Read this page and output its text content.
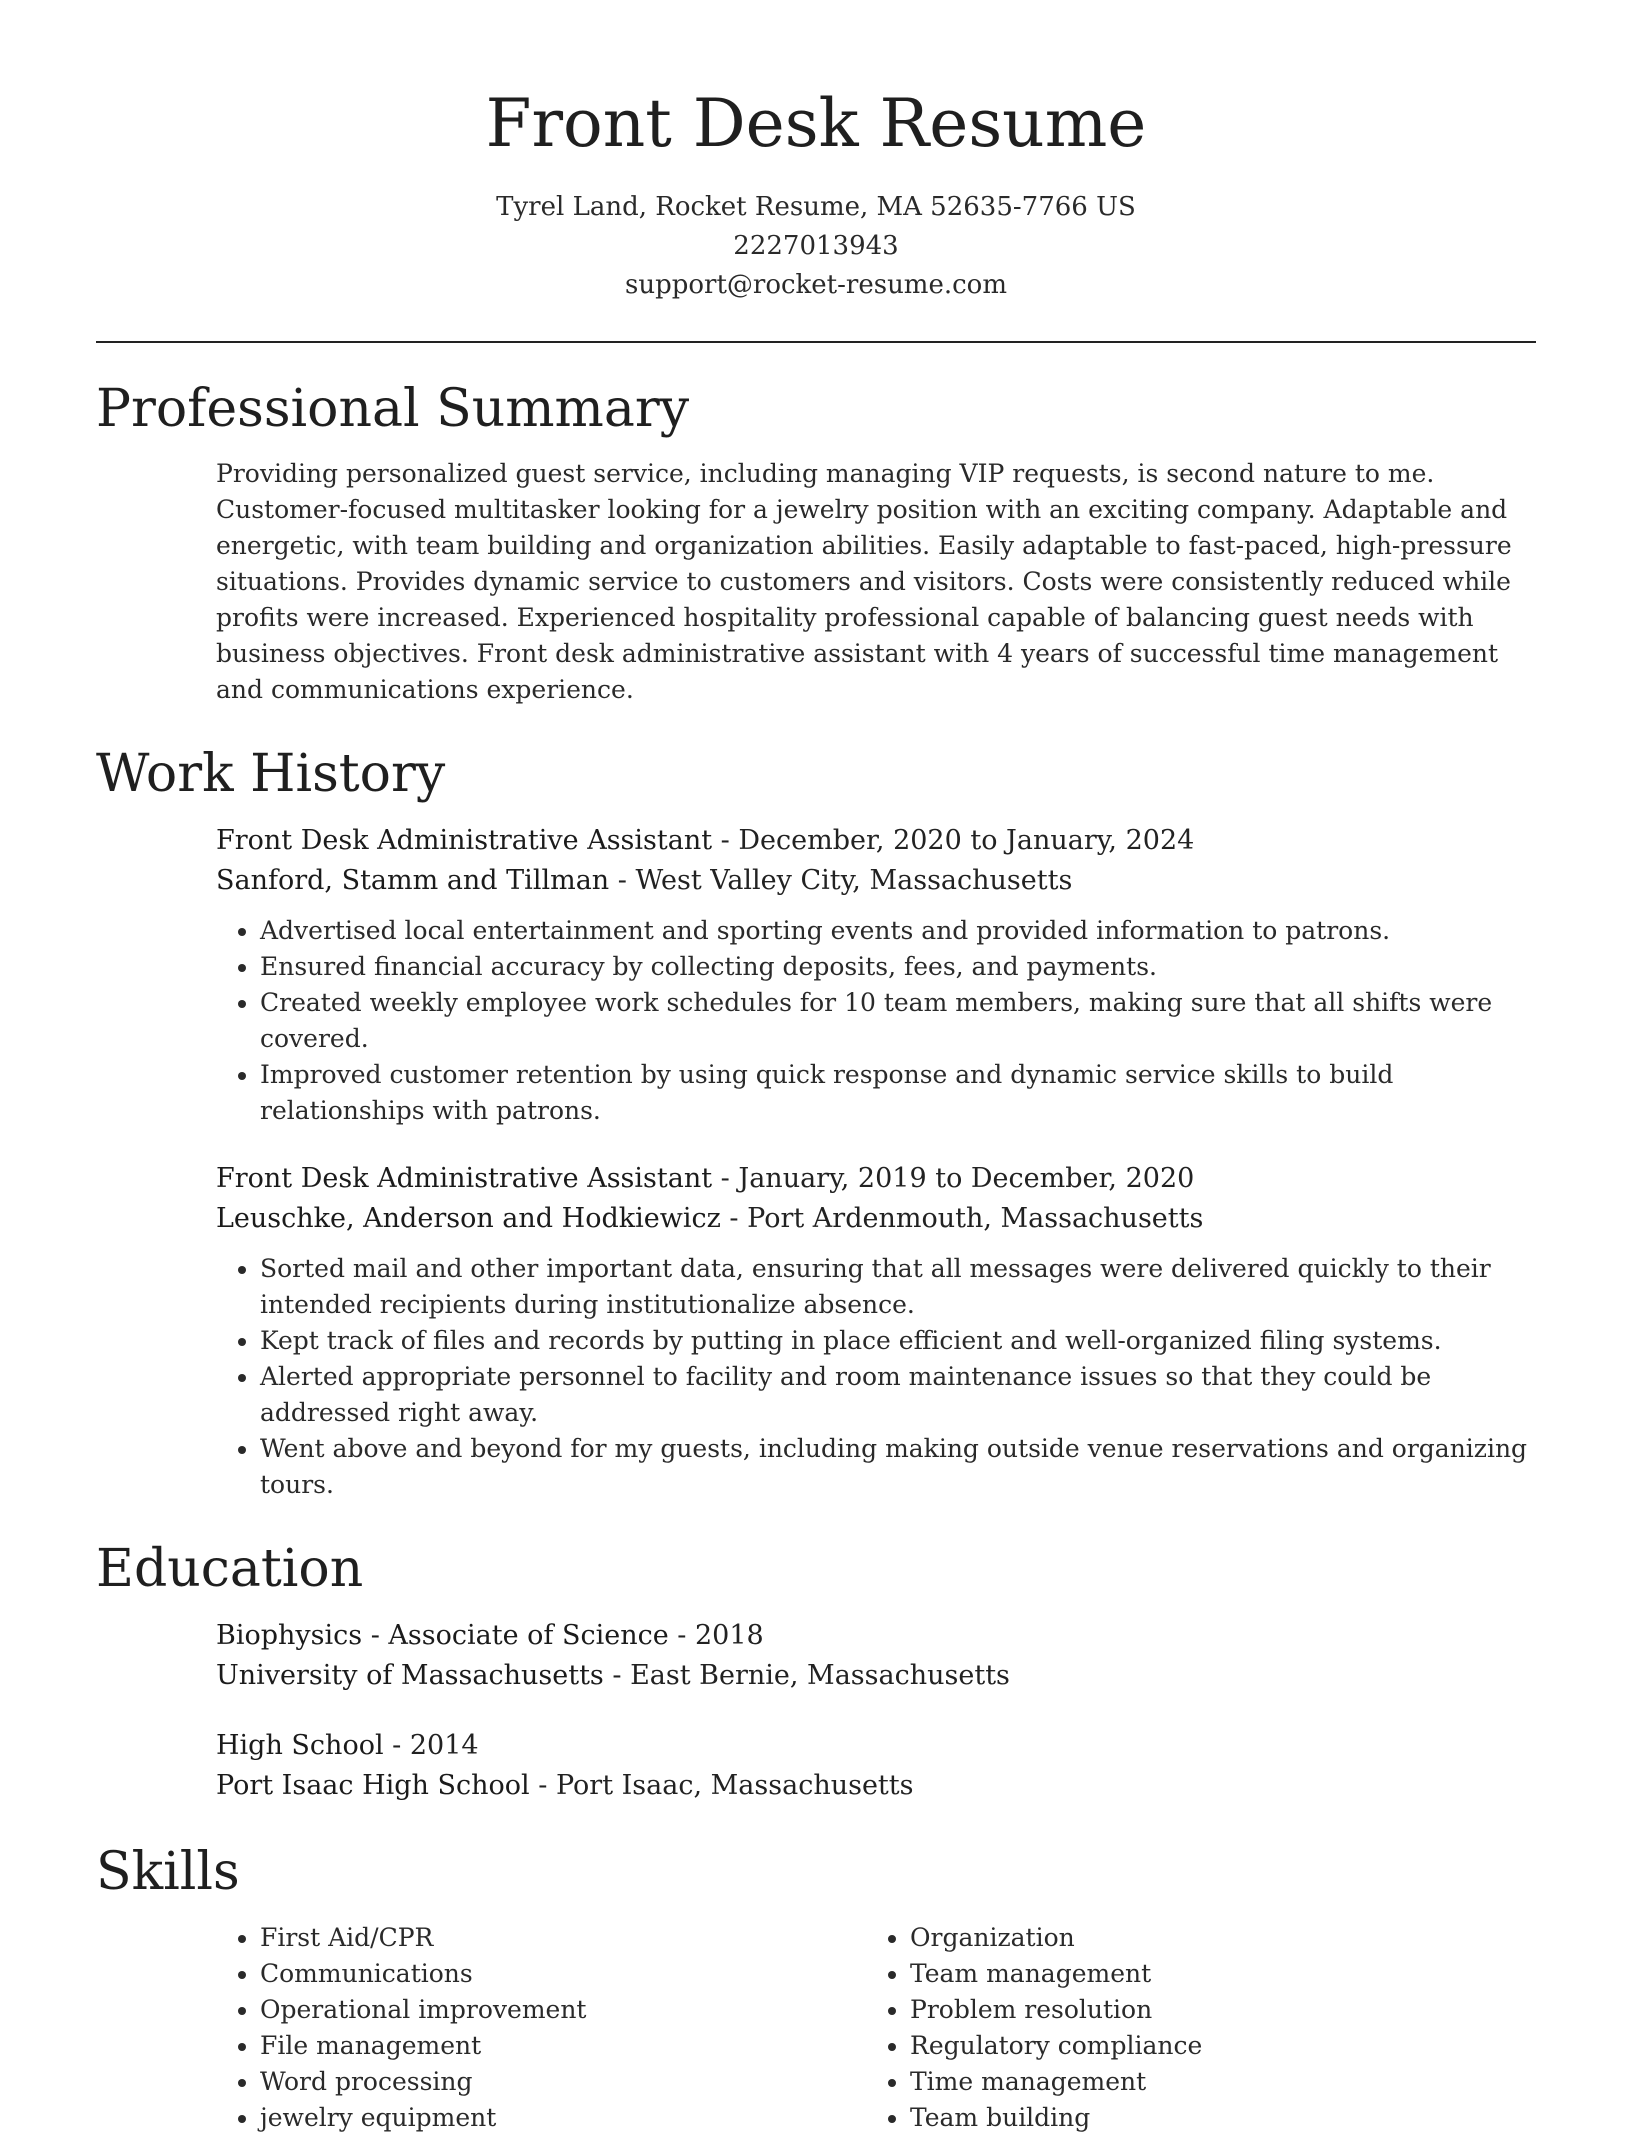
Front Desk Resume
Tyrel Land, Rocket Resume, MA 52635-7766 US
2227013943
support@rocket-resume.com
Professional Summary

Providing personalized guest service, including managing VIP requests, is second nature to me. Customer-focused multitasker looking for a jewelry position with an exciting company. Adaptable and energetic, with team building and organization abilities. Easily adaptable to fast-paced, high-pressure situations. Provides dynamic service to customers and visitors. Costs were consistently reduced while profits were increased. Experienced hospitality professional capable of balancing guest needs with business objectives. Front desk administrative assistant with 4 years of successful time management and communications experience.

Work History
Front Desk Administrative Assistant - December, 2020 to January, 2024
Sanford, Stamm and Tillman - West Valley City, Massachusetts
• Advertised local entertainment and sporting events and provided information to patrons.
• Ensured financial accuracy by collecting deposits, fees, and payments.
• Created weekly employee work schedules for 10 team members, making sure that all shifts were covered.
• Improved customer retention by using quick response and dynamic service skills to build relationships with patrons.
Front Desk Administrative Assistant - January, 2019 to December, 2020
Leuschke, Anderson and Hodkiewicz - Port Ardenmouth, Massachusetts
• Sorted mail and other important data, ensuring that all messages were delivered quickly to their intended recipients during institutionalize absence.
• Kept track of files and records by putting in place efficient and well-organized filing systems.
• Alerted appropriate personnel to facility and room maintenance issues so that they could be addressed right away.
• Went above and beyond for my guests, including making outside venue reservations and organizing tours.
Education
Biophysics - Associate of Science - 2018
University of Massachusetts - East Bernie, Massachusetts
High School - 2014
Port Isaac High School - Port Isaac, Massachusetts
Skills
• First Aid/CPR
• Communications
• Operational improvement
• File management
• Word processing
• jewelry equipment
• Organization
• Team management
• Problem resolution
• Regulatory compliance
• Time management
• Team building
